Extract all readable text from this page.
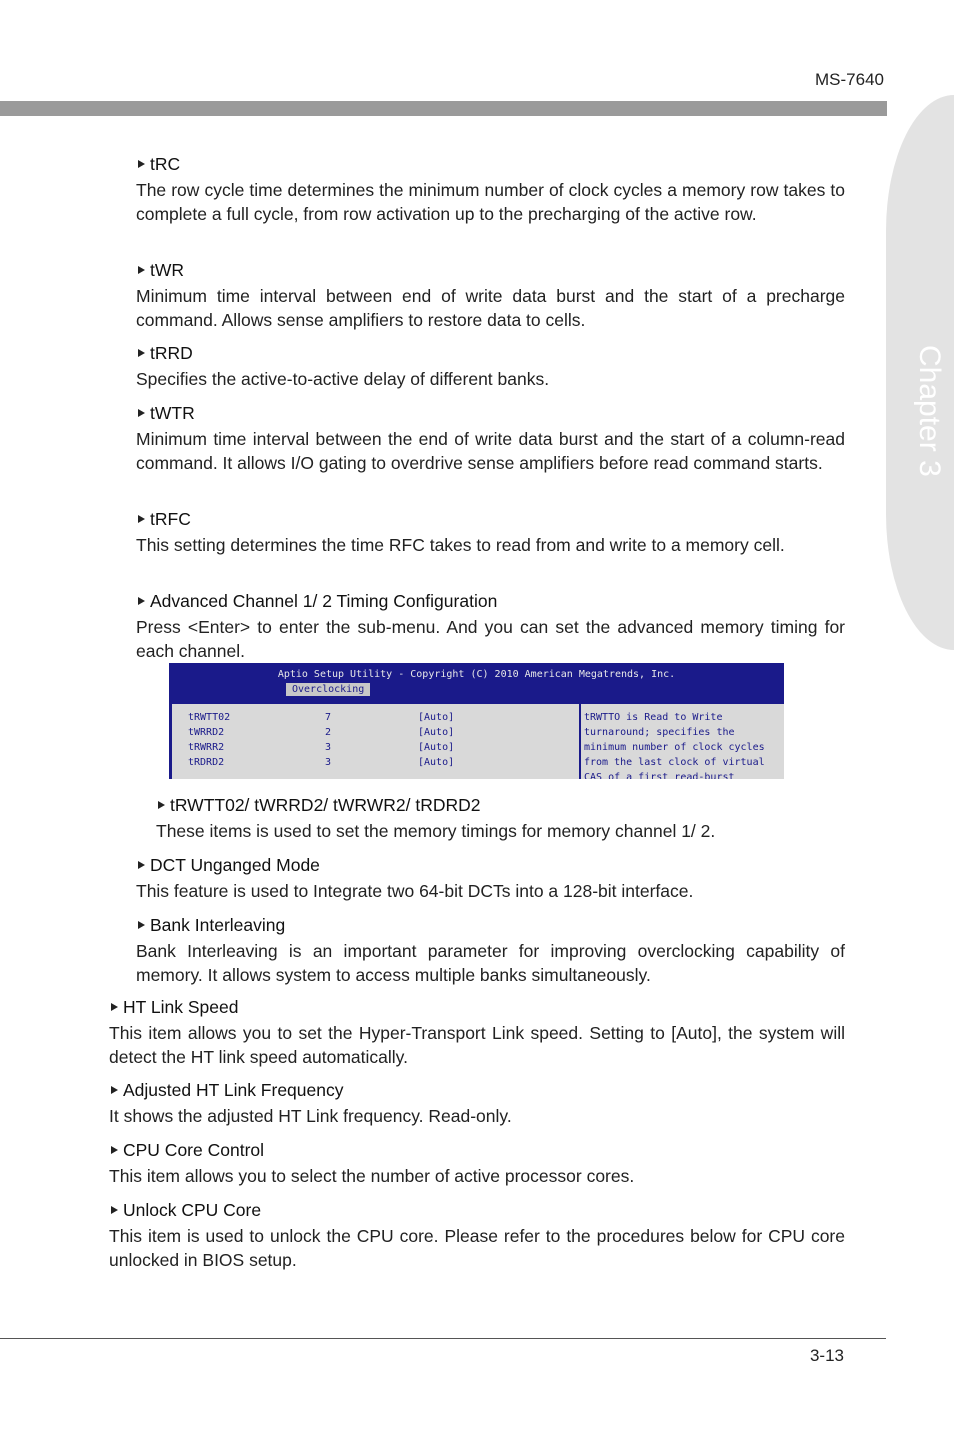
MS-7640
Chapter 3
tRC
The row cycle time determines the minimum number of clock cycles a memory row takes to complete a full cycle, from row activation up to the precharging of the active row.
tWR
Minimum time interval between end of write data burst and the start of a precharge command. Allows sense amplifiers to restore data to cells.
tRRD
Specifies the active-to-active delay of different banks.
tWTR
Minimum time interval between the end of write data burst and the start of a column-read command. It allows I/O gating to overdrive sense amplifiers before read command starts.
tRFC
This setting determines the time RFC takes to read from and write to a memory cell.
Advanced Channel 1/ 2 Timing Configuration
Press <Enter> to enter the sub-menu. And you can set the advanced memory timing for each channel.
Aptio Setup Utility - Copyright (C) 2010 American Megatrends, Inc.
Overclocking
tRWTT02	7	[Auto]
tWRRD2	2	[Auto]
tRWRR2	3	[Auto]
tRDRD2	3	[Auto]
tRWTTO is Read to Write
turnaround; specifies the
minimum number of clock cycles
from the last clock of virtual
CAS of a first read-burst
tRWTT02/ tWRRD2/ tWRWR2/ tRDRD2
These items is used to set the memory timings for memory channel 1/ 2.
DCT Unganged Mode
This feature is used to Integrate two 64-bit DCTs into a 128-bit interface.
Bank Interleaving
Bank Interleaving is an important parameter for improving overclocking capability of memory. It allows system to access multiple banks simultaneously.
HT Link Speed
This item allows you to set the Hyper-Transport Link speed. Setting to [Auto], the system will detect the HT link speed automatically.
Adjusted HT Link Frequency
It shows the adjusted HT Link frequency. Read-only.
CPU Core Control
This item allows you to select the number of active processor cores.
Unlock CPU Core
This item is used to unlock the CPU core. Please refer to the procedures below for CPU core unlocked in BIOS setup.
3-13
